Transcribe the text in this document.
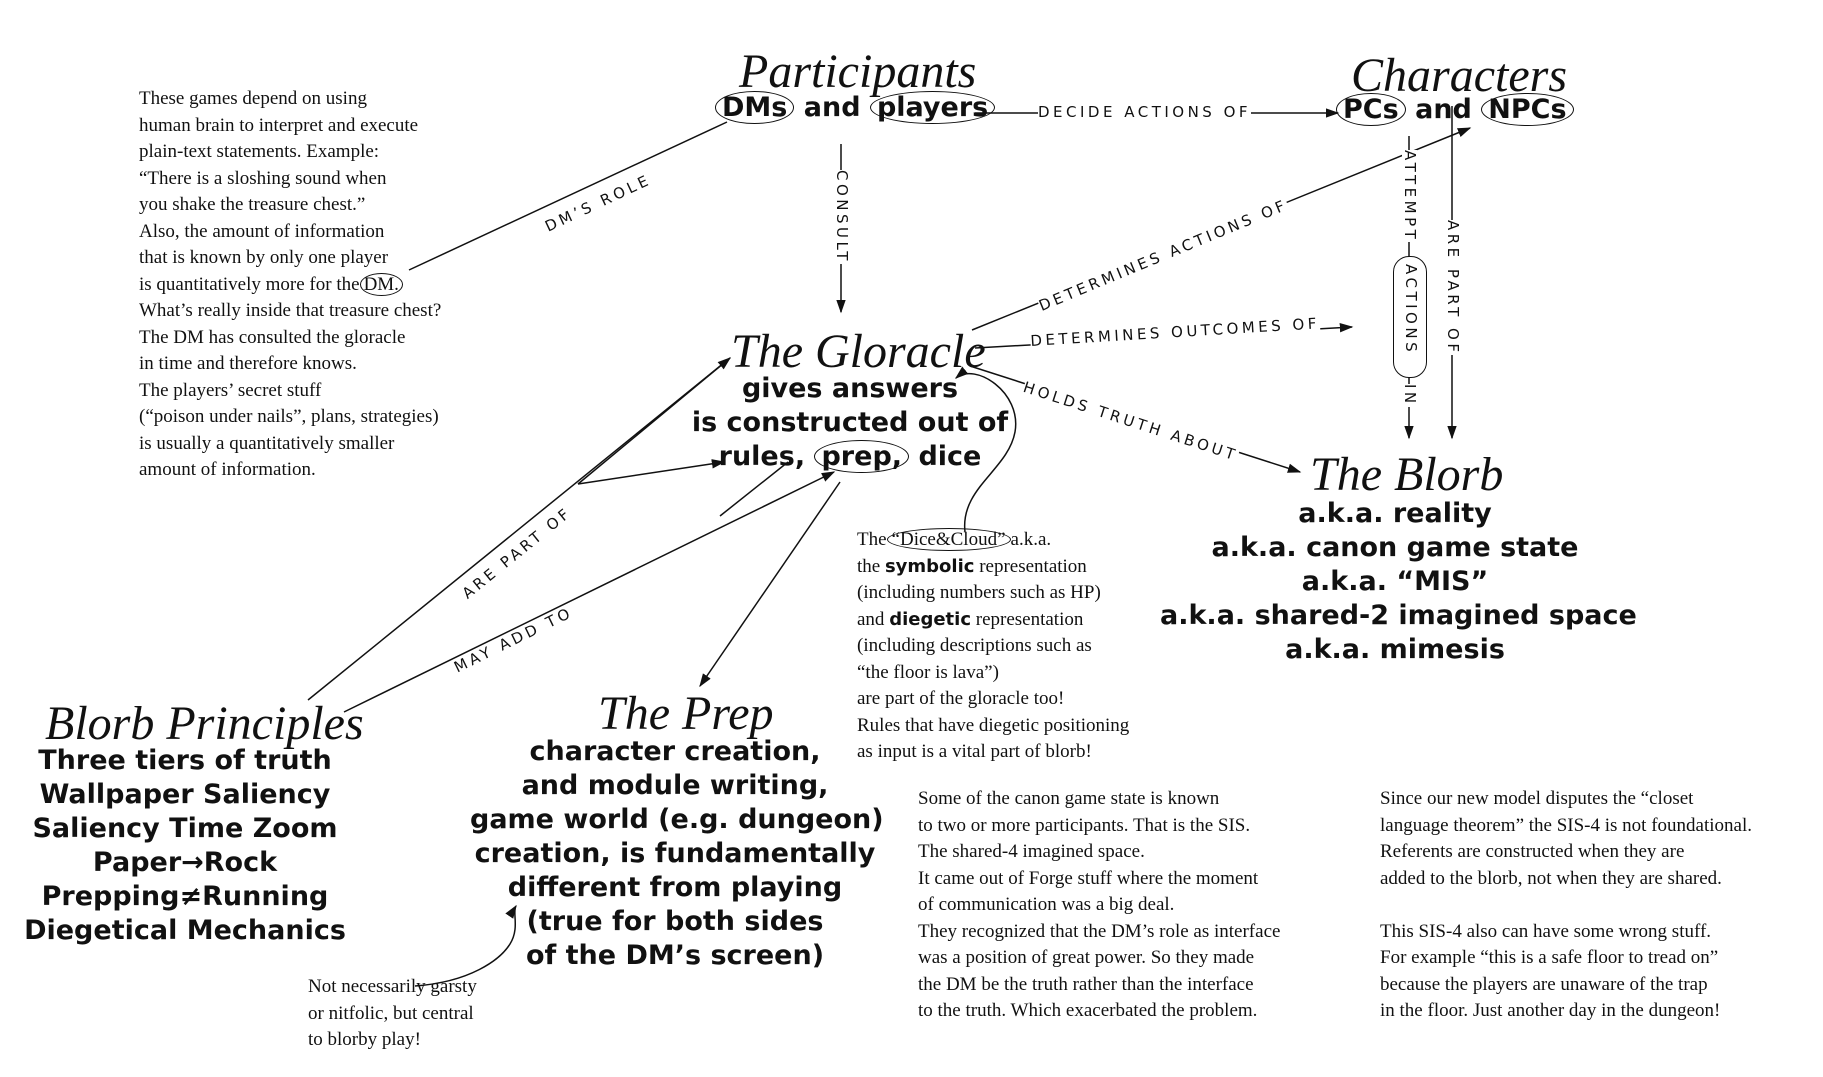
DECIDE ACTIONS OF
CONSULT
DM’S ROLE	DETERMINES ACTIONS OF
DETERMINES OUTCOMES OF
HOLDS TRUTH ABOUT
ATTEMPT
ACTIONS
IN
ARE PART OF
ARE PART OF
MAY ADD TO
Participants
DMs and players
Characters
PCs and NPCs
The Gloracle
gives answers
is constructed out of
rules, prep, dice	The Blorb
a.k.a. reality
a.k.a. canon game state
a.k.a. “MIS”
a.k.a. shared-2 imagined space
a.k.a. mimesis
The Prep
character creation,
and module writing,
game world (e.g. dungeon)
creation, is fundamentally
different from playing
(true for both sides
of the DM’s screen)
Blorb Principles
Three tiers of truth
Wallpaper Saliency
Saliency Time Zoom
Paper→Rock
Prepping≠Running
Diegetical Mechanics
These games depend on using
human brain to interpret and execute
plain-text statements. Example:
“There is a sloshing sound when
you shake the treasure chest.”
Also, the amount of information
that is known by only one player
is quantitatively more for the DM.
What’s really inside that treasure chest?
The DM has consulted the gloracle
in time and therefore knows.
The players’ secret stuff
(“poison under nails”, plans, strategies)
is usually a quantitatively smaller
amount of information.
The “Dice&Cloud” a.k.a.
the symbolic representation
(including numbers such as HP)
and diegetic representation
(including descriptions such as
“the floor is lava”)
are part of the gloracle too!
Rules that have diegetic positioning
as input is a vital part of blorb!
Some of the canon game state is known
to two or more participants. That is the SIS.
The shared-4 imagined space.
It came out of Forge stuff where the moment
of communication was a big deal.
They recognized that the DM’s role as interface
was a position of great power. So they made
the DM be the truth rather than the interface
to the truth. Which exacerbated the problem.
Since our new model disputes the “closet
language theorem” the SIS-4 is not foundational.
Referents are constructed when they are
added to the blorb, not when they are shared.
This SIS-4 also can have some wrong stuff.
For example “this is a safe floor to tread on”
because the players are unaware of the trap
in the floor. Just another day in the dungeon!
Not necessarily garsty
or nitfolic, but central
to blorby play!
